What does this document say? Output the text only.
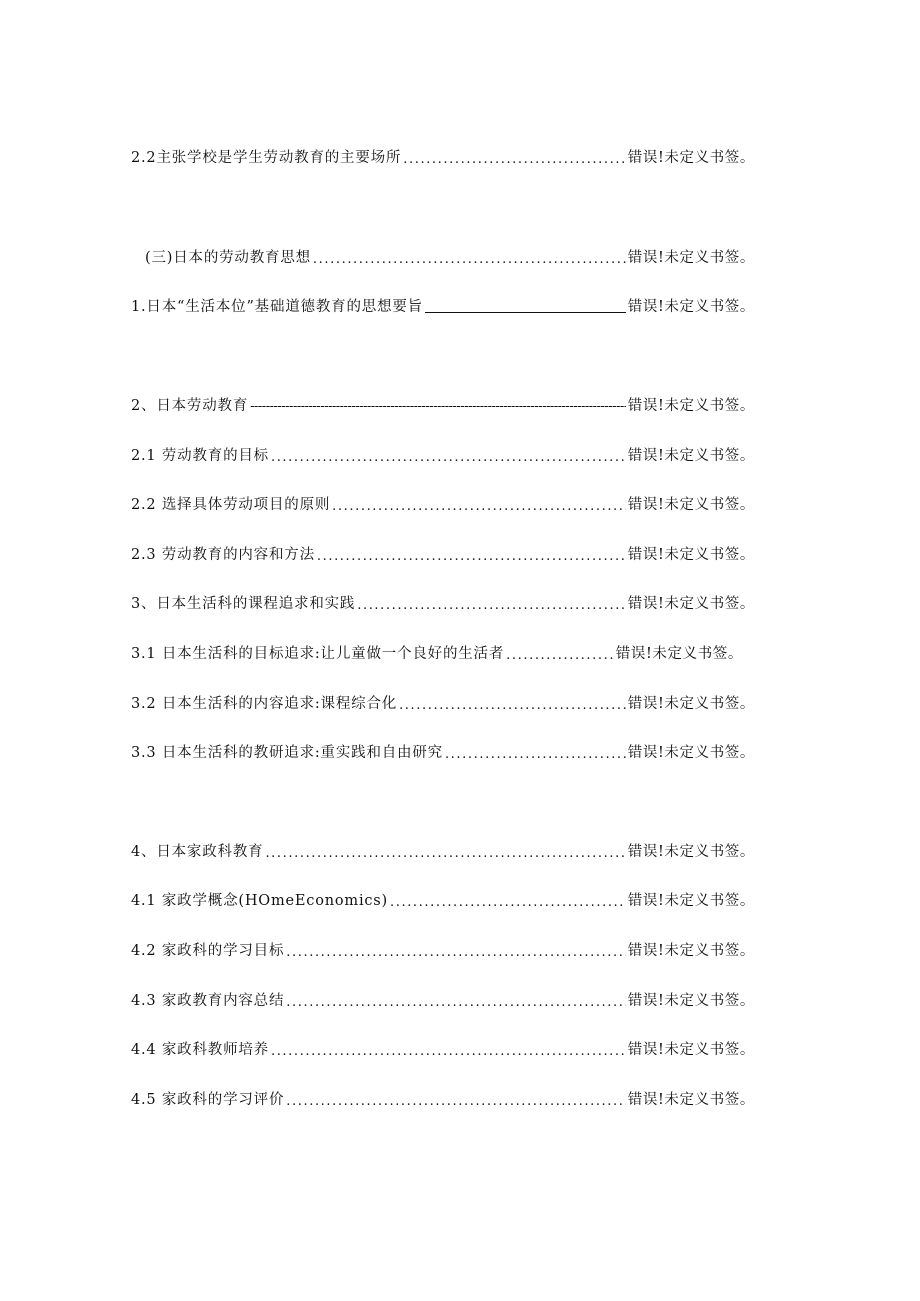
2.2主张学校是学生劳动教育的主要场所 .....	错误!未定义书签。
(三)日本的劳动教育思想 .....	错误!未定义书签。
1.日本“生活本位”基础道德教育的思想要旨	错误!未定义书签。
2、日本劳动教育 -----	错误!未定义书签。
2.1 劳动教育的目标 .....	错误!未定义书签。
2.2 选择具体劳动项目的原则 .....	错误!未定义书签。
2.3 劳动教育的内容和方法 .....	错误!未定义书签。
3、日本生活科的课程追求和实践 .....	错误!未定义书签。
3.1 日本生活科的目标追求:让儿童做一个良好的生活者 .....	错误!未定义书签。
3.2 日本生活科的内容追求:课程综合化 .....	错误!未定义书签。
3.3 日本生活科的教研追求:重实践和自由研究 .....	错误!未定义书签。
4、日本家政科教育 .....	错误!未定义书签。
4.1 家政学概念(HOmeEconomics) .....	错误!未定义书签。
4.2 家政科的学习目标 .....	错误!未定义书签。
4.3 家政教育内容总结 .....	错误!未定义书签。
4.4 家政科教师培养 .....	错误!未定义书签。
4.5 家政科的学习评价 .....	错误!未定义书签。
